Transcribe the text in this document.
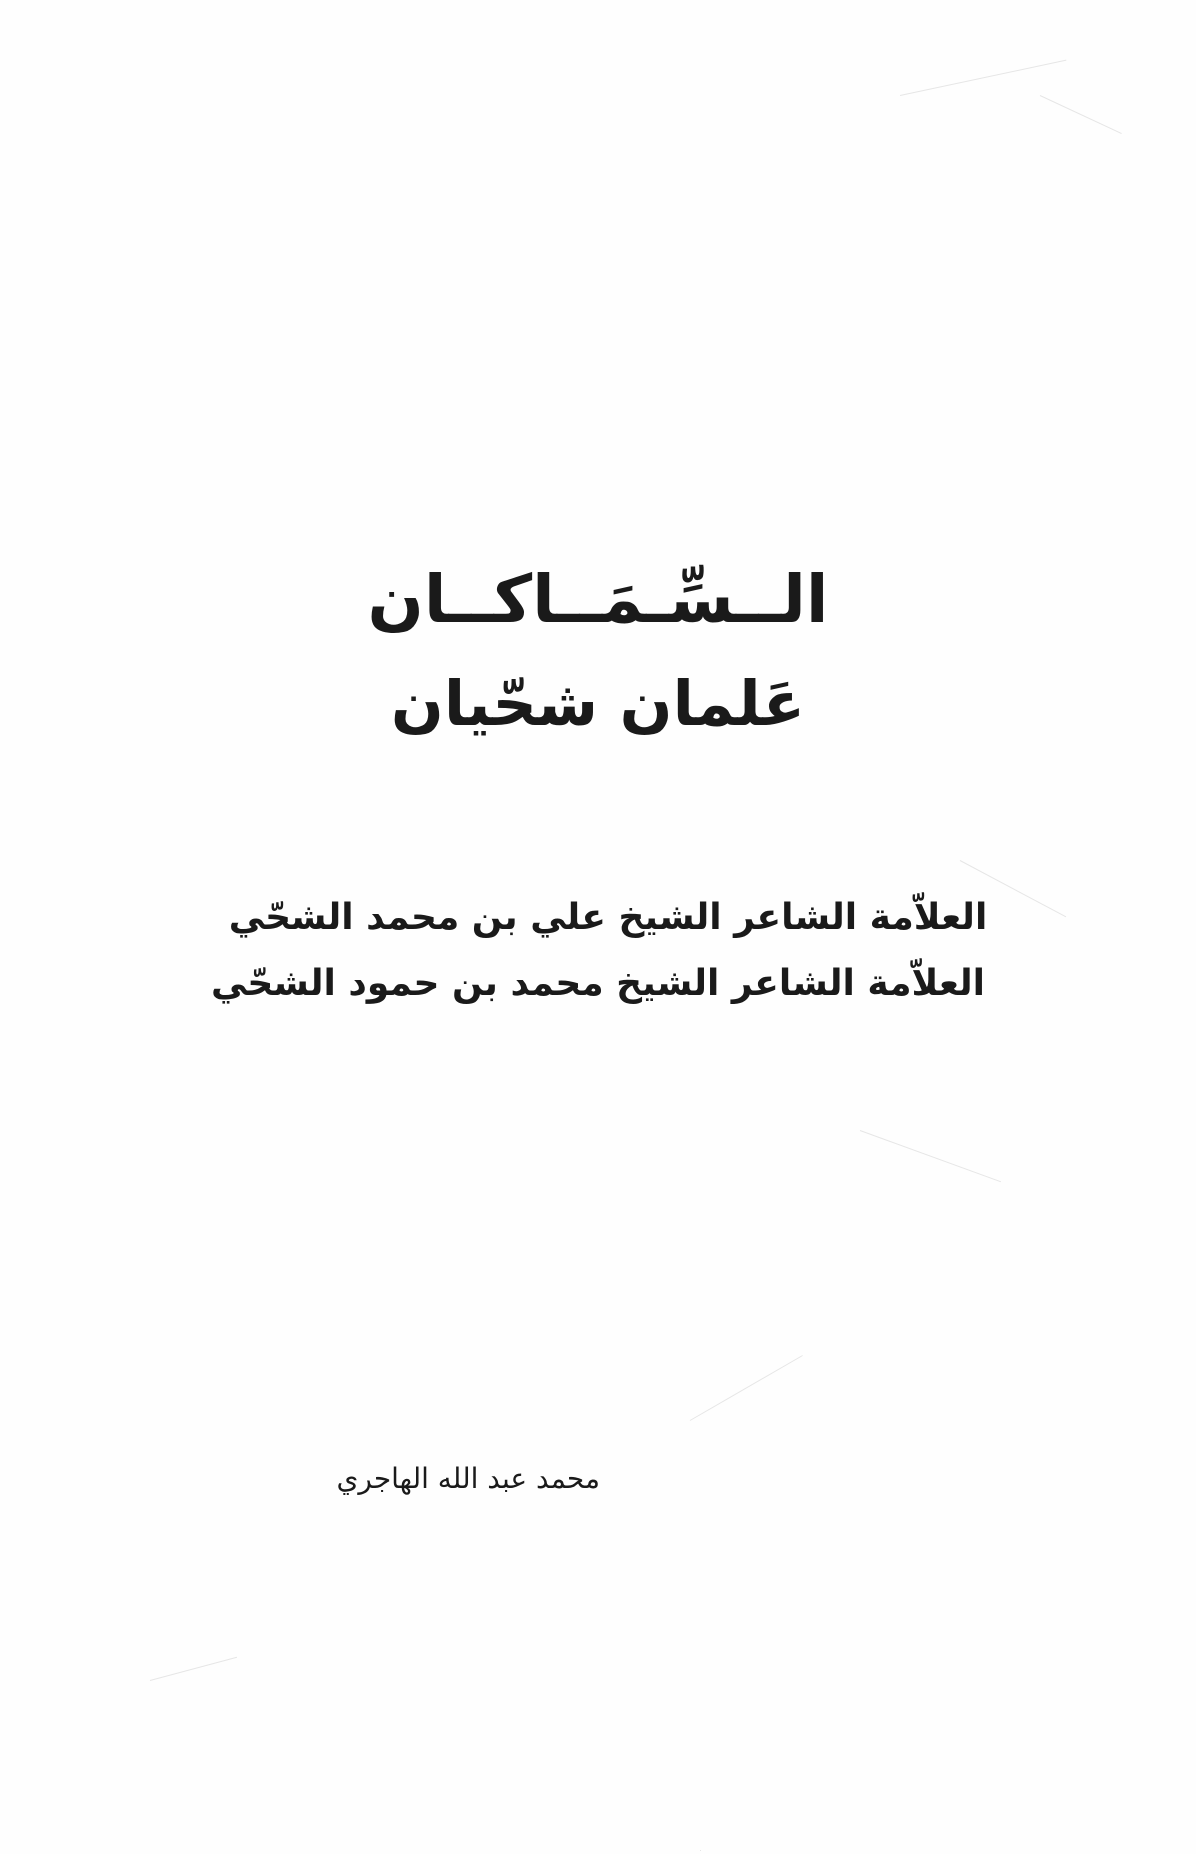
الــسِّـمَــاكــان
عَلمان شحّيان
العلاّمة الشاعر الشيخ علي بن محمد الشحّي
العلاّمة الشاعر الشيخ محمد بن حمود الشحّي
محمد عبد الله الهاجري
